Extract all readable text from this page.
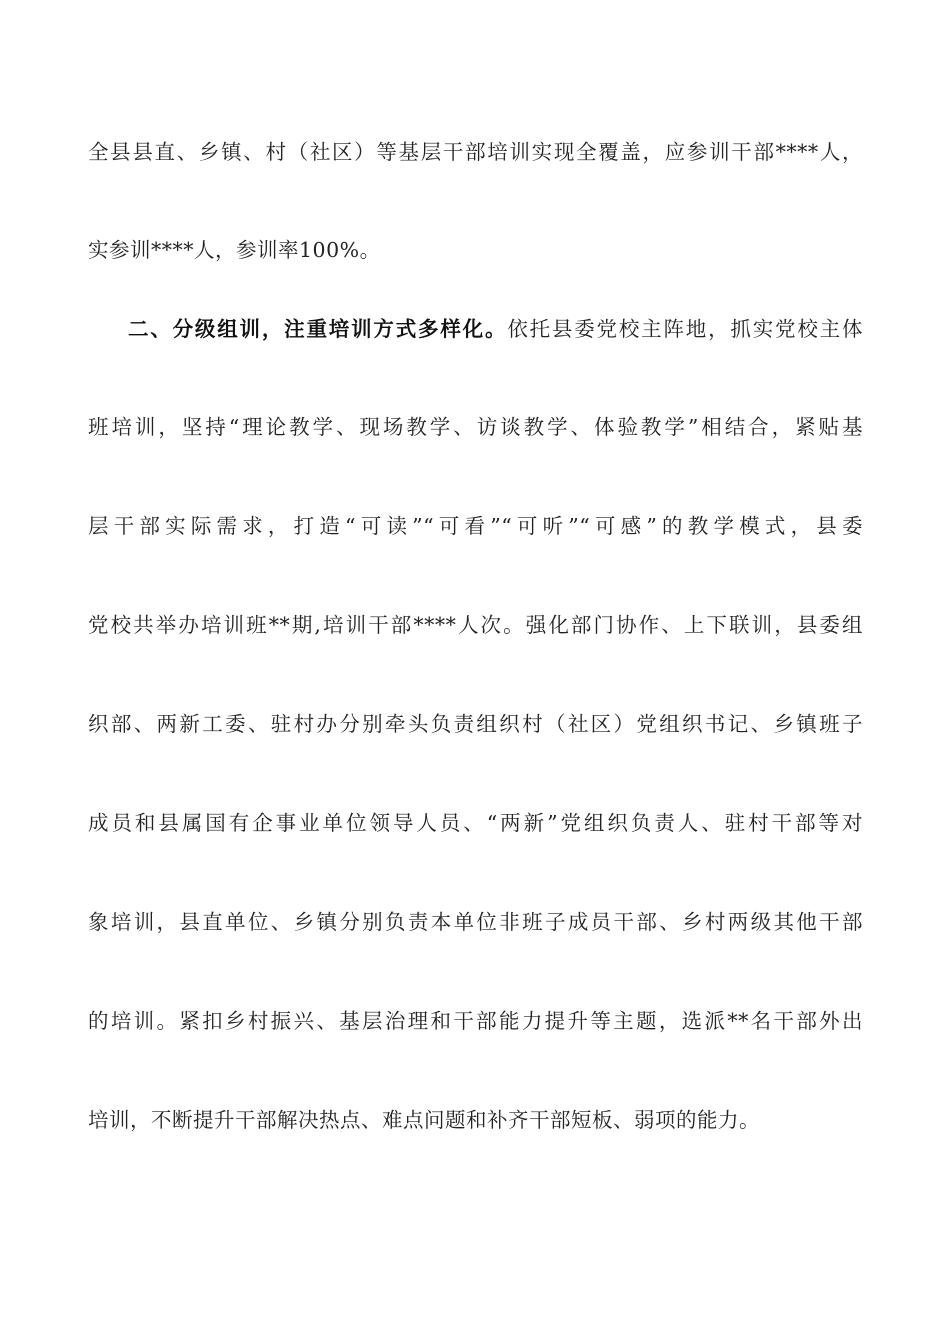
全县县直、乡镇、村（社区）等基层干部培训实现全覆盖，应参训干部****人，
实参训****人，参训率100%。
二、分级组训，注重培训方式多样化。依托县委党校主阵地，抓实党校主体
班培训，坚持“理论教学、现场教学、访谈教学、体验教学”相结合，紧贴基
层干部实际需求，打造“可读”“可看”“可听”“可感”的教学模式，县委
党校共举办培训班**期,培训干部****人次。强化部门协作、上下联训，县委组
织部、两新工委、驻村办分别牵头负责组织村（社区）党组织书记、乡镇班子
成员和县属国有企事业单位领导人员、“两新”党组织负责人、驻村干部等对
象培训，县直单位、乡镇分别负责本单位非班子成员干部、乡村两级其他干部
的培训。紧扣乡村振兴、基层治理和干部能力提升等主题，选派**名干部外出
培训，不断提升干部解决热点、难点问题和补齐干部短板、弱项的能力。
